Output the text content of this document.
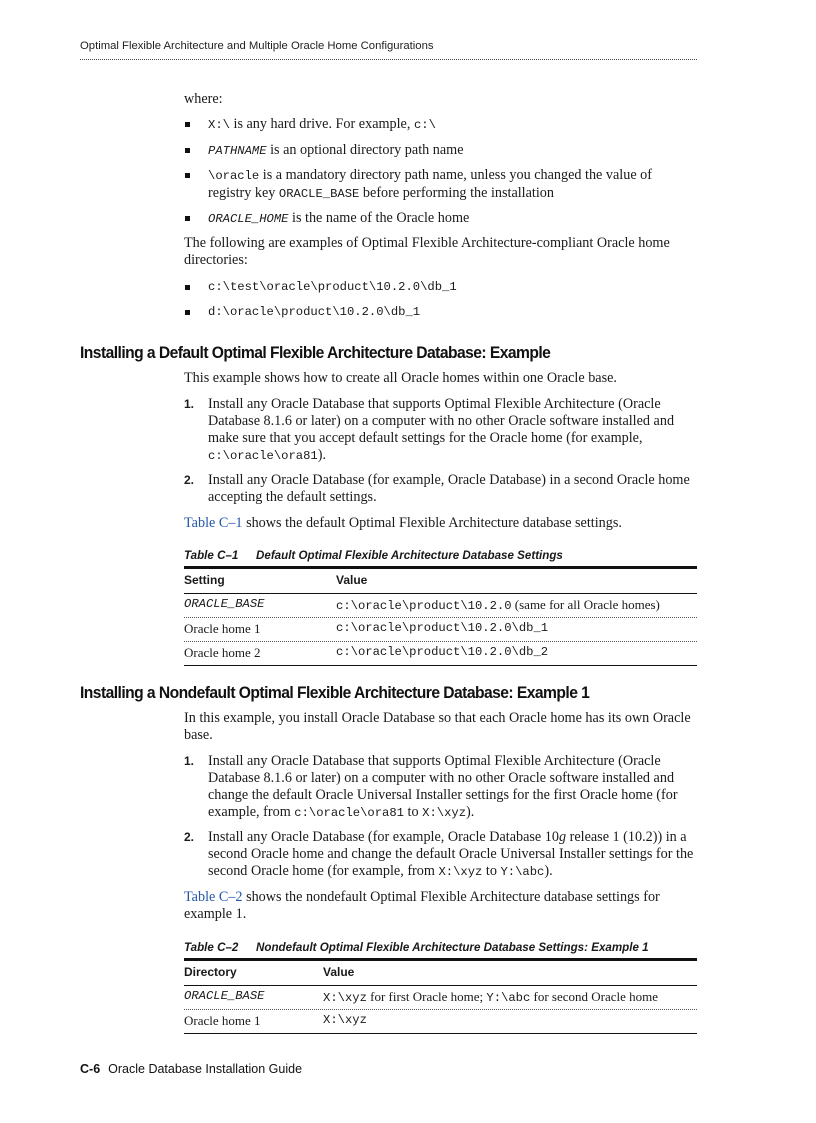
Optimal Flexible Architecture and Multiple Oracle Home Configurations

where:

X:\ is any hard drive. For example, c:\
PATHNAME is an optional directory path name
\oracle is a mandatory directory path name, unless you changed the value of registry key ORACLE_BASE before performing the installation
ORACLE_HOME is the name of the Oracle home

The following are examples of Optimal Flexible Architecture-compliant Oracle home directories:

c:\test\oracle\product\10.2.0\db_1
d:\oracle\product\10.2.0\db_1
Installing a Default Optimal Flexible Architecture Database: Example

This example shows how to create all Oracle homes within one Oracle base.

1. Install any Oracle Database that supports Optimal Flexible Architecture (Oracle Database 8.1.6 or later) on a computer with no other Oracle software installed and make sure that you accept default settings for the Oracle home (for example, c:\oracle\ora81).
2. Install any Oracle Database (for example, Oracle Database) in a second Oracle home accepting the default settings.

Table C–1 shows the default Optimal Flexible Architecture database settings.

Table C–1 Default Optimal Flexible Architecture Database Settings
Setting	Value
ORACLE_BASE	c:\oracle\product\10.2.0 (same for all Oracle homes)
Oracle home 1	c:\oracle\product\10.2.0\db_1
Oracle home 2	c:\oracle\product\10.2.0\db_2
Installing a Nondefault Optimal Flexible Architecture Database: Example 1

In this example, you install Oracle Database so that each Oracle home has its own Oracle base.

1. Install any Oracle Database that supports Optimal Flexible Architecture (Oracle Database 8.1.6 or later) on a computer with no other Oracle software installed and change the default Oracle Universal Installer settings for the first Oracle home (for example, from c:\oracle\ora81 to X:\xyz).
2. Install any Oracle Database (for example, Oracle Database 10g release 1 (10.2)) in a second Oracle home and change the default Oracle Universal Installer settings for the second Oracle home (for example, from X:\xyz to Y:\abc).

Table C–2 shows the nondefault Optimal Flexible Architecture database settings for example 1.

Table C–2 Nondefault Optimal Flexible Architecture Database Settings: Example 1
Directory	Value
ORACLE_BASE	X:\xyz for first Oracle home; Y:\abc for second Oracle home
Oracle home 1	X:\xyz
C-6 Oracle Database Installation Guide
